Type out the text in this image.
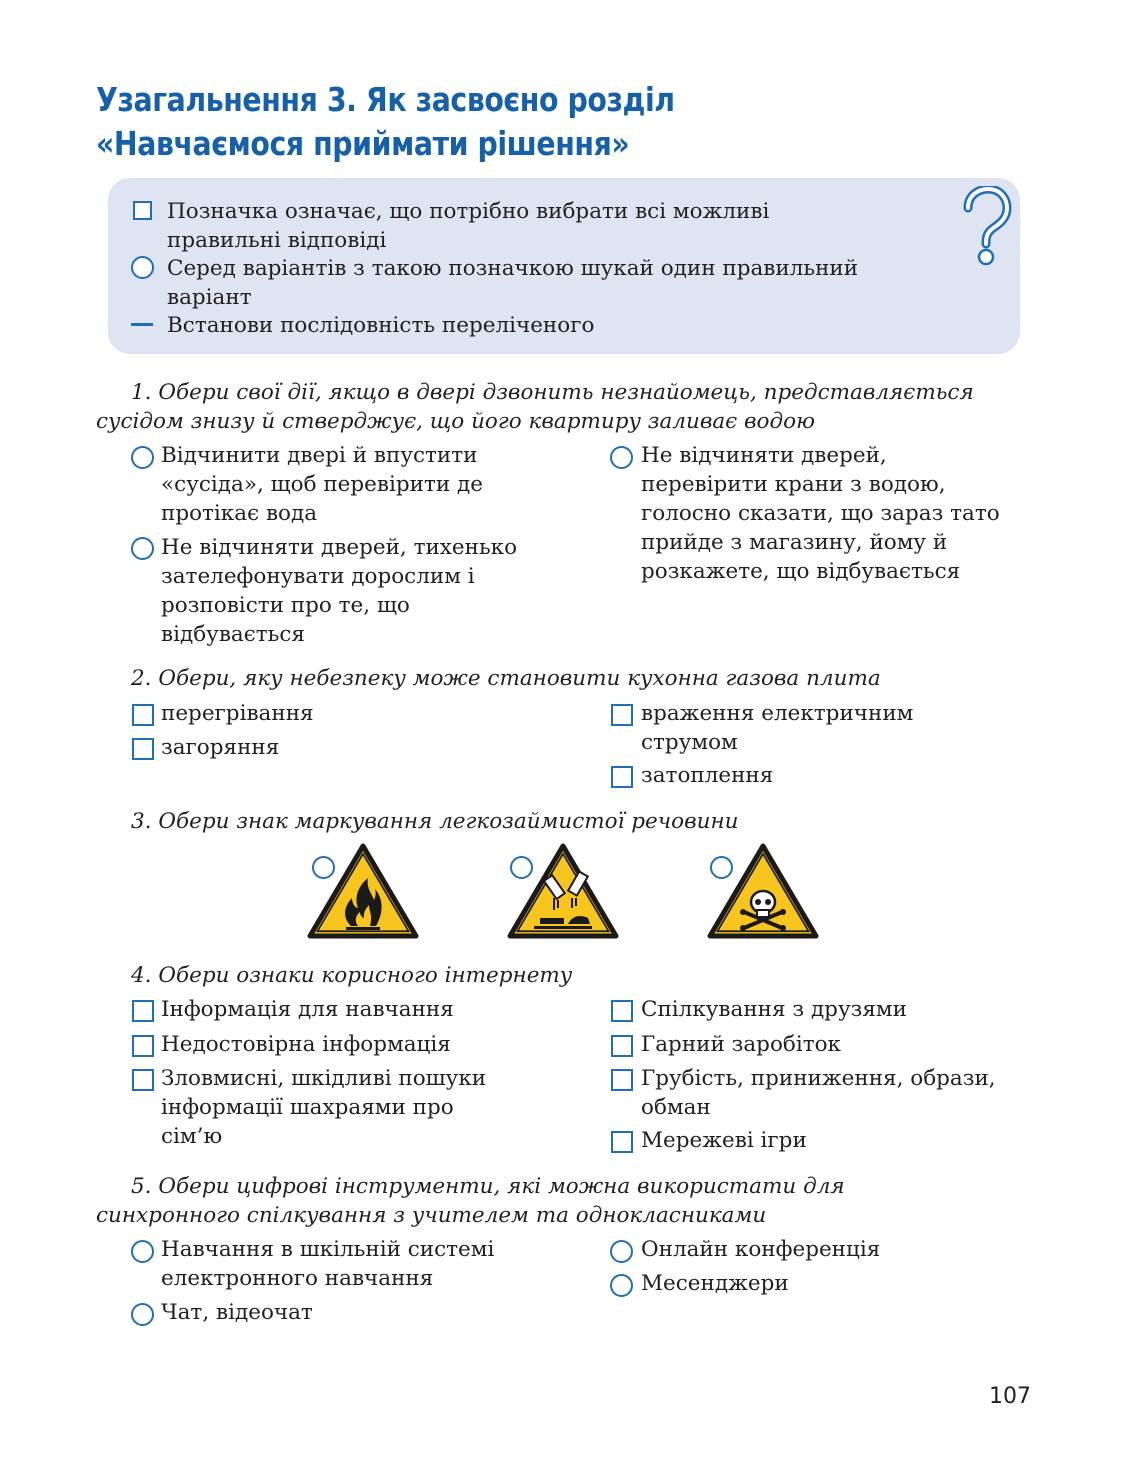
Узагальнення 3. Як засвоєно розділ
«Навчаємося приймати рішення»
Позначка означає, що потрібно вибрати всі можливі
правильні відповіді
Серед варіантів з такою позначкою шукай один правильний
варіант
Встанови послідовність переліченого
1. Обери свої дії, якщо в двері дзвонить незнайомець, представляється
сусідом знизу й стверджує, що його квартиру заливає водою
Відчинити двері й впустити
«сусіда», щоб перевірити де
протікає вода
Не відчиняти дверей, тихенько
зателефонувати дорослим і
розповісти про те, що
відбувається
Не відчиняти дверей,
перевірити крани з водою,
голосно сказати, що зараз тато
прийде з магазину, йому й
розкажете, що відбувається
2. Обери, яку небезпеку може становити кухонна газова плита
перегрівання
загоряння
враження електричним
струмом
затоплення
3. Обери знак маркування легкозаймистої речовини
4. Обери ознаки корисного інтернету
Інформація для навчання
Недостовірна інформація
Зловмисні, шкідливі пошуки
інформації шахраями про
сім’ю
Спілкування з друзями
Гарний заробіток
Грубість, приниження, образи,
обман
Мережеві ігри
5. Обери цифрові інструменти, які можна використати для
синхронного спілкування з учителем та однокласниками
Навчання в шкільній системі
електронного навчання
Чат, відеочат
Онлайн конференція
Месенджери
107
